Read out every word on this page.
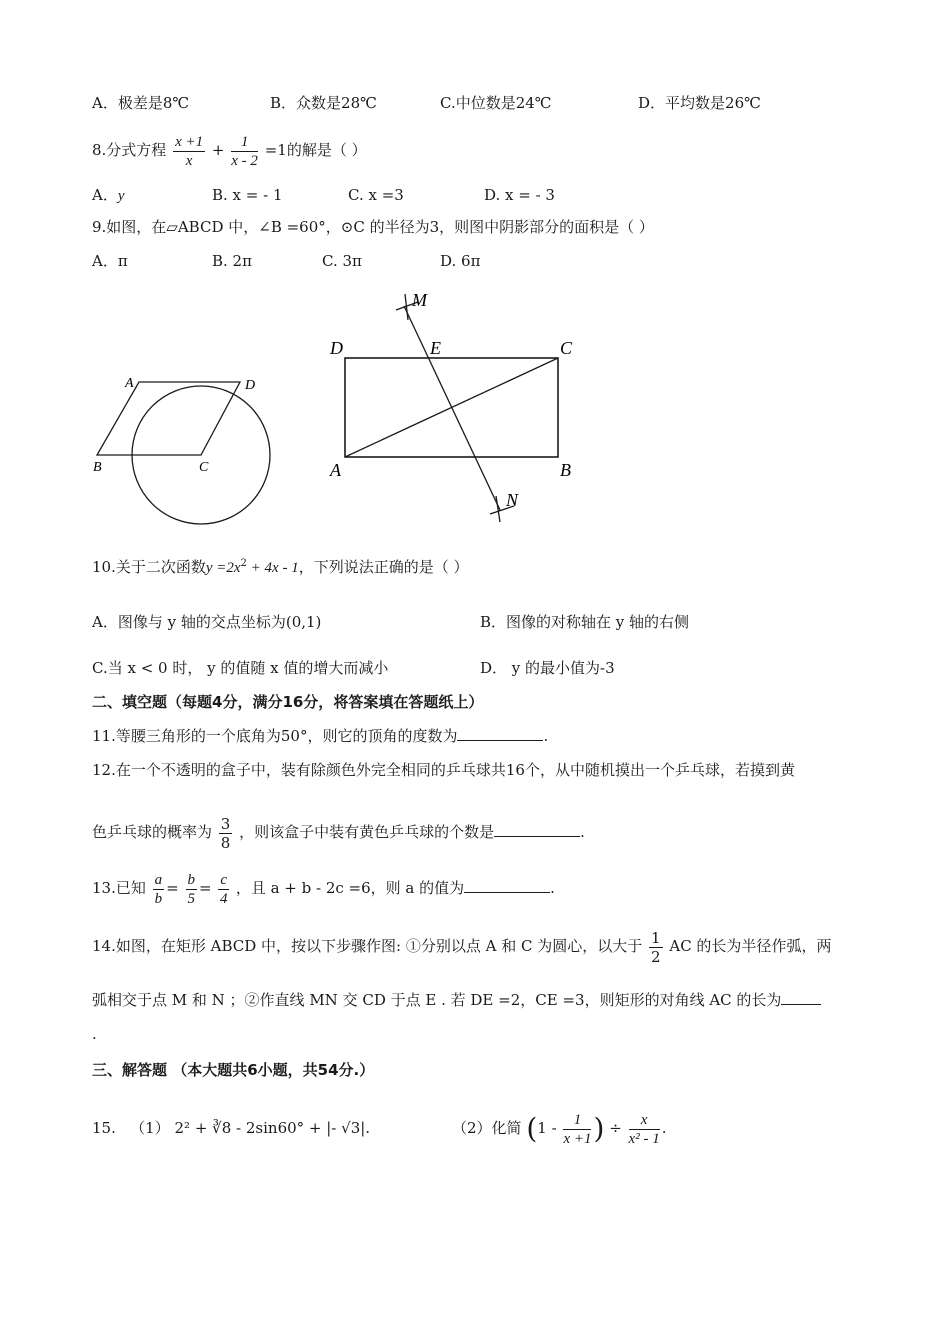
A．极差是8℃	B．众数是28℃	C.中位数是24℃	D．平均数是26℃
8.分式方程 $\frac{x +1}{x} + \frac{1}{x - 2} =1$的解是（ ）
A．y	B. x = - 1	C. x =3	D. x = - 3
9.如图，在▱ABCD 中，∠B =60°，⊙C 的半径为3，则图中阴影部分的面积是（ ）
A．π	B. 2π	C. 3π	D. 6π
A	D
B	C
M
D	E	C
A	B
N
10.关于二次函数$y =2x^2 + 4x - 1$，下列说法正确的是（ ）
A．图像与 y 轴的交点坐标为(0,1)	B．图像的对称轴在 y 轴的右侧
C.当 x < 0 时， y 的值随 x 值的增大而减小	D． y 的最小值为-3
二、填空题（每题4分，满分16分，将答案填在答题纸上）
11.等腰三角形的一个底角为50°，则它的顶角的度数为	.
12.在一个不透明的盒子中，装有除颜色外完全相同的乒乓球共16个，从中随机摸出一个乒乓球，若摸到黄
色乒乓球的概率为 $\frac{3}{8}$ ，则该盒子中装有黄色乒乓球的个数是	.
13.已知 $\frac{a}{b} = \frac{b}{5} = \frac{c}{4}$ ，且 a + b - 2c =6，则 a 的值为	.
14.如图，在矩形 ABCD 中，按以下步骤作图: ①分别以点 A 和 C 为圆心，以大于 $\frac{1}{2}$ AC 的长为半径作弧，两
弧相交于点 M 和 N ；②作直线 MN 交 CD 于点 E . 若 DE =2，CE =3，则矩形的对角线 AC 的长为
.
三、解答题 （本大题共6小题，共54分.）
15. （1） 2² + ∛8 - 2sin60° + |- √3|.	（2）化简 ($1 - \frac{1}{x +1}$ ) ÷ $\frac{x}{\text{x² - 1}}$ .
